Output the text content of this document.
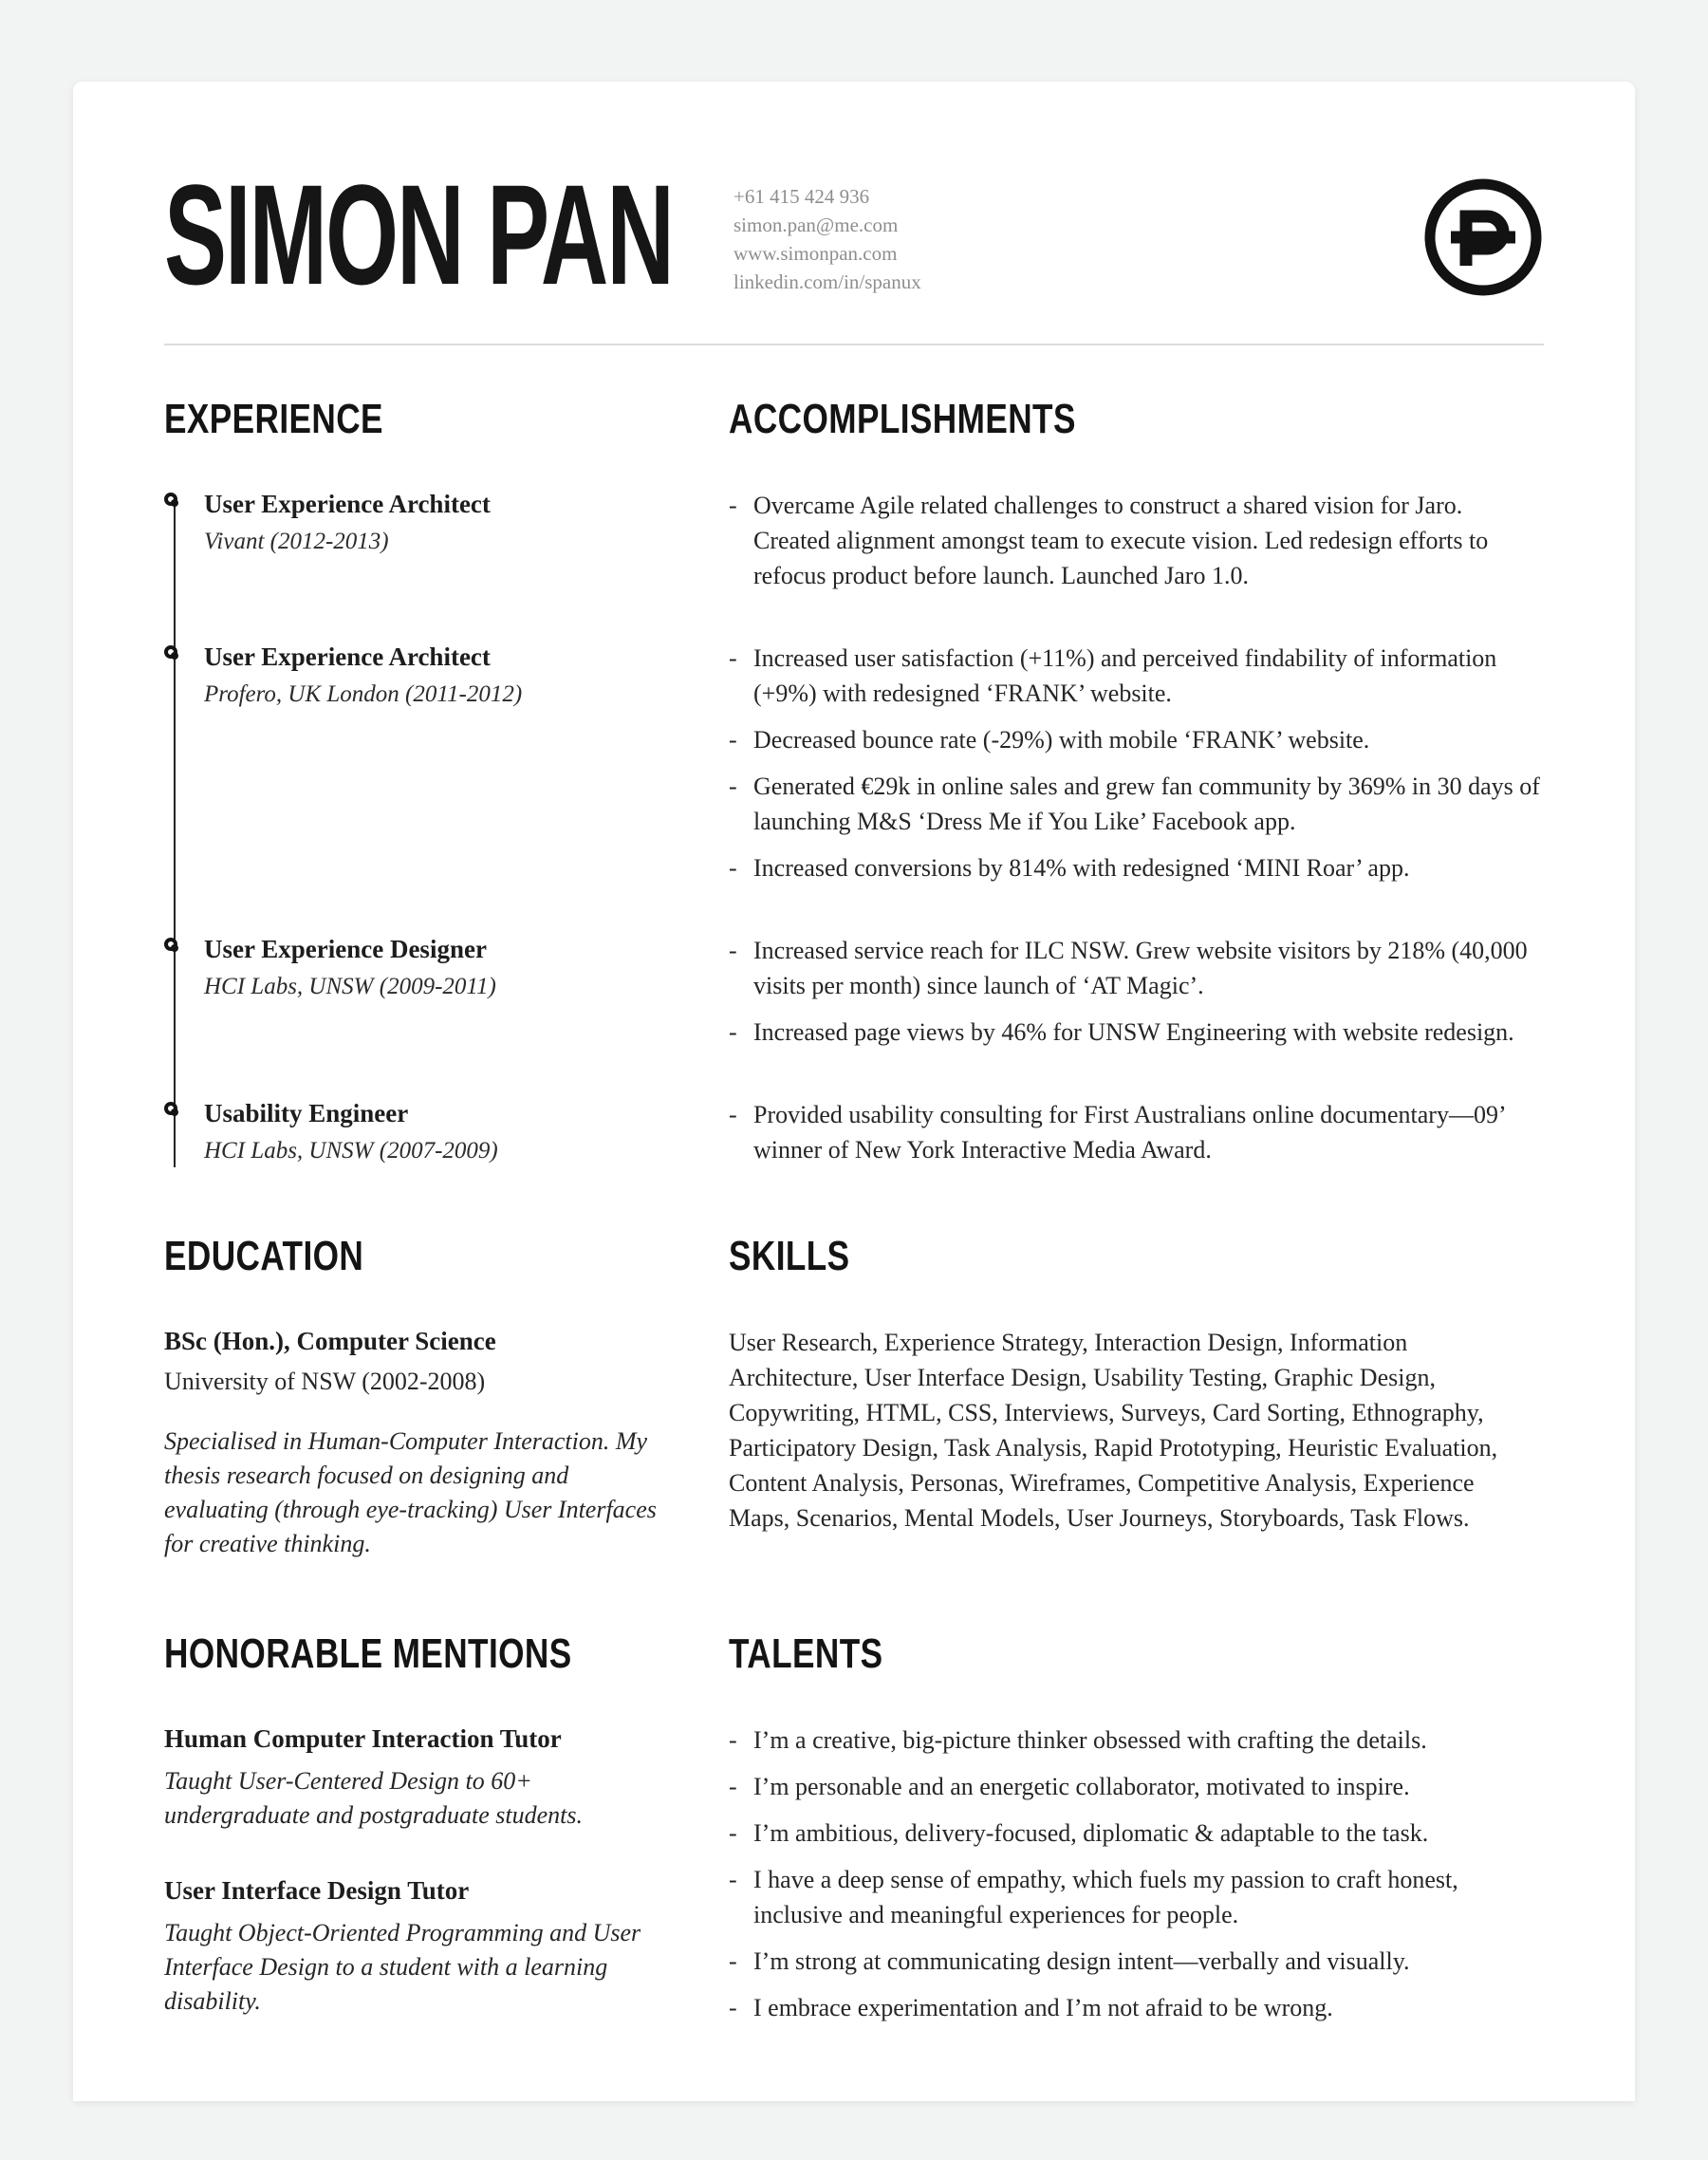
SIMON PAN	+61 415 424 936
simon.pan@me.com
www.simonpan.com
linkedin.com/in/spanux
EXPERIENCE	ACCOMPLISHMENTS
User Experience Architect

Vivant (2012-2013)

- Overcame Agile related challenges to construct a shared vision for Jaro. Created alignment amongst team to execute vision. Led redesign efforts to refocus product before launch. Launched Jaro 1.0.

User Experience Architect

Profero, UK London (2011-2012)

- Increased user satisfaction (+11%) and perceived findability of information (+9%) with redesigned ‘FRANK’ website.

- Decreased bounce rate (-29%) with mobile ‘FRANK’ website.

- Generated €29k in online sales and grew fan community by 369% in 30 days of launching M&S ‘Dress Me if You Like’ Facebook app.

- Increased conversions by 814% with redesigned ‘MINI Roar’ app.

User Experience Designer

HCI Labs, UNSW (2009-2011)

- Increased service reach for ILC NSW. Grew website visitors by 218% (40,000 visits per month) since launch of ‘AT Magic’.

- Increased page views by 46% for UNSW Engineering with website redesign.

Usability Engineer

HCI Labs, UNSW (2007-2009)

- Provided usability consulting for First Australians online documentary—09’ winner of New York Interactive Media Award.

EDUCATION	SKILLS
BSc (Hon.), Computer Science

University of NSW (2002-2008)

Specialised in Human-Computer Interaction. My thesis research focused on designing and evaluating (through eye-tracking) User Interfaces for creative thinking.

User Research, Experience Strategy, Interaction Design, Information Architecture, User Interface Design, Usability Testing, Graphic Design, Copywriting, HTML, CSS, Interviews, Surveys, Card Sorting, Ethnography, Participatory Design, Task Analysis, Rapid Prototyping, Heuristic Evaluation, Content Analysis, Personas, Wireframes, Competitive Analysis, Experience Maps, Scenarios, Mental Models, User Journeys, Storyboards, Task Flows.

HONORABLE MENTIONS	TALENTS
Human Computer Interaction Tutor

Taught User-Centered Design to 60+ undergraduate and postgraduate students.

User Interface Design Tutor

Taught Object-Oriented Programming and User Interface Design to a student with a learning disability.

- I’m a creative, big-picture thinker obsessed with crafting the details.

- I’m personable and an energetic collaborator, motivated to inspire.

- I’m ambitious, delivery-focused, diplomatic & adaptable to the task.

- I have a deep sense of empathy, which fuels my passion to craft honest, inclusive and meaningful experiences for people.

- I’m strong at communicating design intent—verbally and visually.

- I embrace experimentation and I’m not afraid to be wrong.
